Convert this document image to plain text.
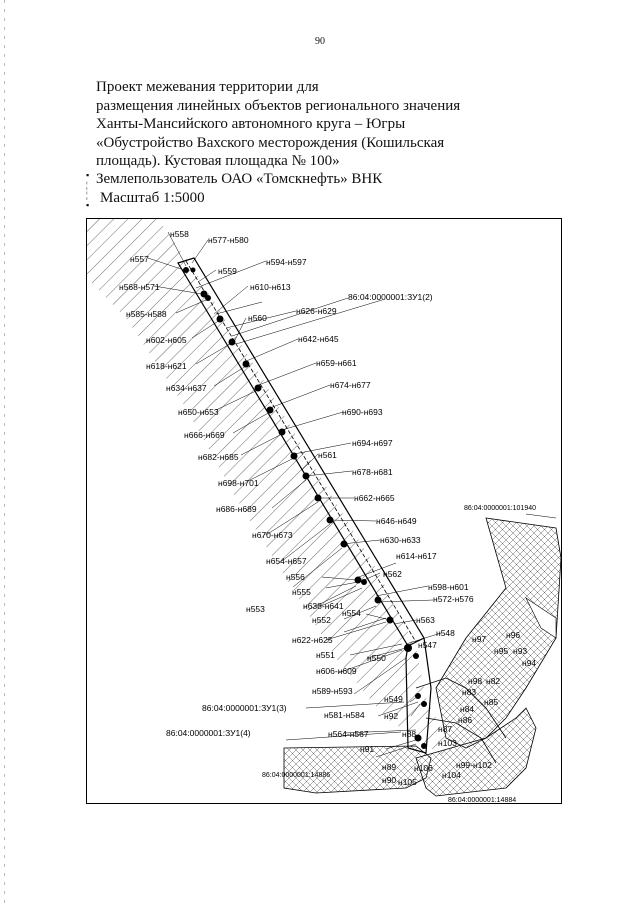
90
Проект межевания территории для
размещения линейных объектов регионального значения
Ханты-Мансийского автономного круга – Югры
«Обустройство Вахского месторождения (Кошильская
площадь). Кустовая площадка № 100»
▪
¦
¦
▪
Землепользователь ОАО «Томскнефть» ВНК
Масштаб 1:5000
н558
н577-н580
н557	н594-н597
н559
н568-н571	н610-н613
86:04:0000001:ЗУ1(2)
н585-н588	н626-н629
н560
н602-н605	н642-н645
н618-н621	н659-н661
н634-н637	н674-н677
н650-н653	н690-н693
н666-н669
н694-н697
н561
н682-н685
н678-н681
н698-н701
н662-н665
н686-н689	86:04:0000001:101940
н646-н649
н670-н673	н630-н633
н654-н657	н614-н617
н556	н562
н598-н601
н555
н572-н576
н638-н641
н553	н554
н552	н563
н622-н625
н548
н97 н96
н547
н95 н93
н551	н550	н94
н606-н609
н98 н82
н589-н593	н83
н549	н85
86:04:0000001:ЗУ1(3)	н84
н581-н584 н92	н86
н87
86:04:0000001:ЗУ1(4)	н564-н567	н88
н103
н91
н89	н99-н102
н106
86:04:0000001:14886	н104
н90 н105
86:04:0000001:14884
